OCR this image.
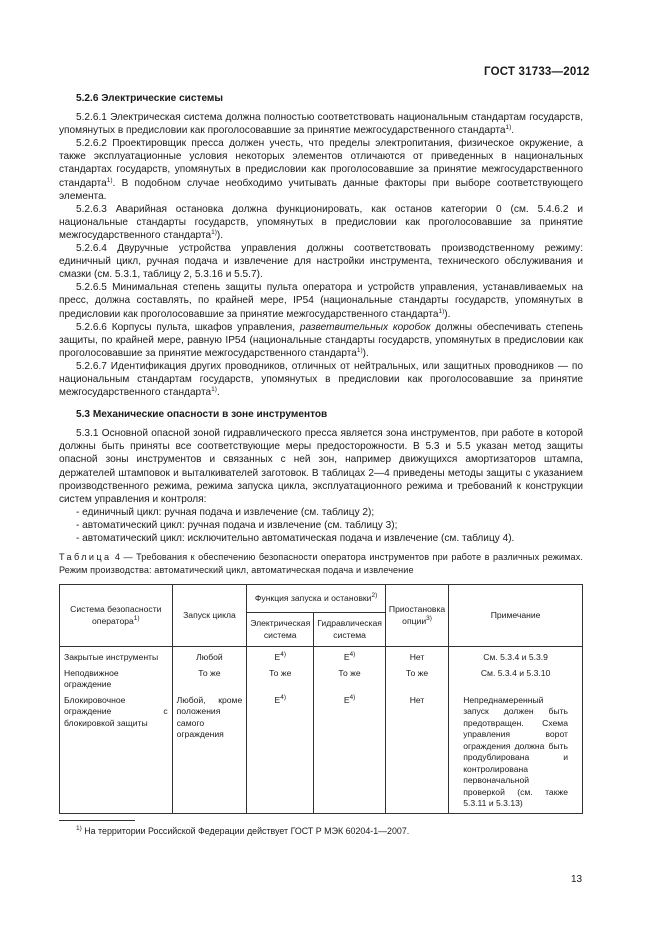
ГОСТ 31733—2012
5.2.6 Электрические системы

5.2.6.1 Электрическая система должна полностью соответствовать национальным стандартам государств, упомянутых в предисловии как проголосовавшие за принятие межгосударственного стандарта$^{1)}$.

5.2.6.2 Проектировщик пресса должен учесть, что пределы электропитания, физическое окружение, а также эксплуатационные условия некоторых элементов отличаются от приведенных в национальных стандартах государств, упомянутых в предисловии как проголосовавшие за принятие межгосударственного стандарта$^{1)}$. В подобном случае необходимо учитывать данные факторы при выборе соответствующего элемента.

5.2.6.3 Аварийная остановка должна функционировать, как останов категории 0 (см. 5.4.6.2 и национальные стандарты государств, упомянутых в предисловии как проголосовавшие за принятие межгосударственного стандарта$^{1)}$).

5.2.6.4 Двуручные устройства управления должны соответствовать производственному режиму: единичный цикл, ручная подача и извлечение для настройки инструмента, технического обслуживания и смазки (см. 5.3.1, таблицу 2, 5.3.16 и 5.5.7).

5.2.6.5 Минимальная степень защиты пульта оператора и устройств управления, устанавливаемых на пресс, должна составлять, по крайней мере, IP54 (национальные стандарты государств, упомянутых в предисловии как проголосовавшие за принятие межгосударственного стандарта$^{1)}$).

5.2.6.6 Корпусы пульта, шкафов управления, разветвительных коробок должны обеспечивать степень защиты, по крайней мере, равную IP54 (национальные стандарты государств, упомянутых в предисловии как проголосовавшие за принятие межгосударственного стандарта$^{1)}$).

5.2.6.7 Идентификация других проводников, отличных от нейтральных, или защитных проводников — по национальным стандартам государств, упомянутых в предисловии как проголосовавшие за принятие межгосударственного стандарта$^{1)}$.

5.3 Механические опасности в зоне инструментов

5.3.1 Основной опасной зоной гидравлического пресса является зона инструментов, при работе в которой должны быть приняты все соответствующие меры предосторожности. В 5.3 и 5.5 указан метод защиты опасной зоны инструментов и связанных с ней зон, например движущихся амортизаторов штампа, держателей штамповок и выталкивателей заготовок. В таблицах 2—4 приведены методы защиты с указанием производственного режима, режима запуска цикла, эксплуатационного режима и требований к конструкции систем управления и контроля:

- единичный цикл: ручная подача и извлечение (см. таблицу 2);

- автоматический цикл: ручная подача и извлечение (см. таблицу 3);

- автоматический цикл: исключительно автоматическая подача и извлечение (см. таблицу 4).

Таблица 4 — Требования к обеспечению безопасности оператора инструментов при работе в различных режимах. Режим производства: автоматический цикл, автоматическая подача и извлечение
Система безопасности оператора$^{1)}$	Запуск цикла	Функция запуска и остановки$^{2)}$		Приостановка опции$^{3)}$	Примечание
		Электрическая система	Гидравлическая система		
Закрытые инструменты	Любой	$E^{4)}$	$E^{4)}$	Нет	См. 5.3.4 и 5.3.9
Неподвижное ограждение	То же	То же	То же	То же	См. 5.3.4 и 5.3.10
Блокировочное ограждение с блокировкой защиты	Любой, кроме положения самого ограждения	$E^{4)}$	$E^{4)}$	Нет	Непреднамеренный запуск должен быть предотвращен. Схема управления ворот ограждения должна быть продублирована и контролирована первоначальной проверкой (см. также 5.3.11 и 5.3.13)
$^{1)}$ На территории Российской Федерации действует ГОСТ Р МЭК 60204-1—2007.
13
